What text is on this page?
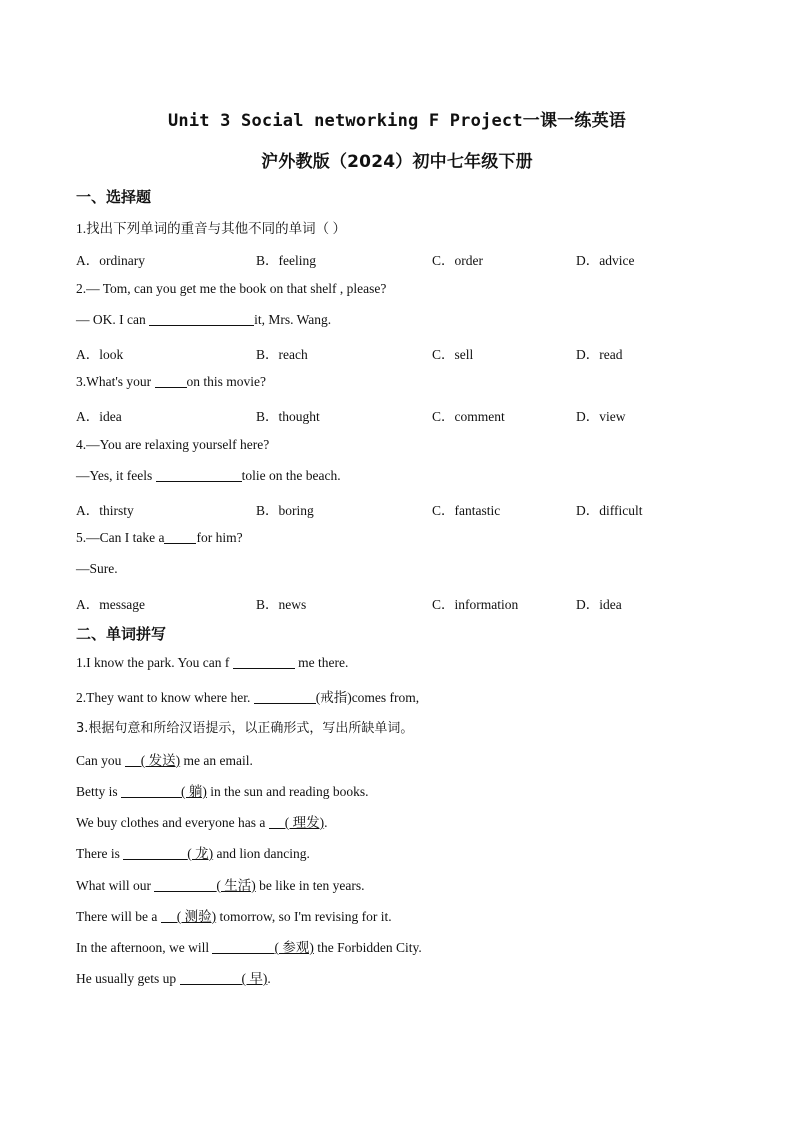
Unit 3 Social networking F Project一课一练英语
沪外教版（2024）初中七年级下册
一、选择题
1.找出下列单词的重音与其他不同的单词（ ）
A．ordinary	B．feeling	C．order	D．advice
2.— Tom, can you get me the book on that shelf , please?
— OK. I can	it, Mrs. Wang.
A．look	B．reach	C．sell	D．read
3.What's your	on this movie?
A．idea	B．thought	C．comment	D．view
4.—You are relaxing yourself here?
—Yes, it feels	tolie on the beach.
A．thirsty	B．boring	C．fantastic	D．difficult
5.—Can I take a for him?
—Sure.
A．message	B．news	C．information	D．idea
二、单词拼写
1.I know the park. You can f	me there.
2.They want to know where her.	(戒指)comes from,
3.根据句意和所给汉语提示，以正确形式，写出所缺单词。
Can you ( 发送) me an email.
Betty is	( 躺) in the sun and reading books.
We buy clothes and everyone has a ( 理发).
There is	( 龙) and lion dancing.
What will our	( 生活) be like in ten years.
There will be a ( 测验) tomorrow, so I'm revising for it.
In the afternoon, we will	( 参观) the Forbidden City.
He usually gets up	( 早).
